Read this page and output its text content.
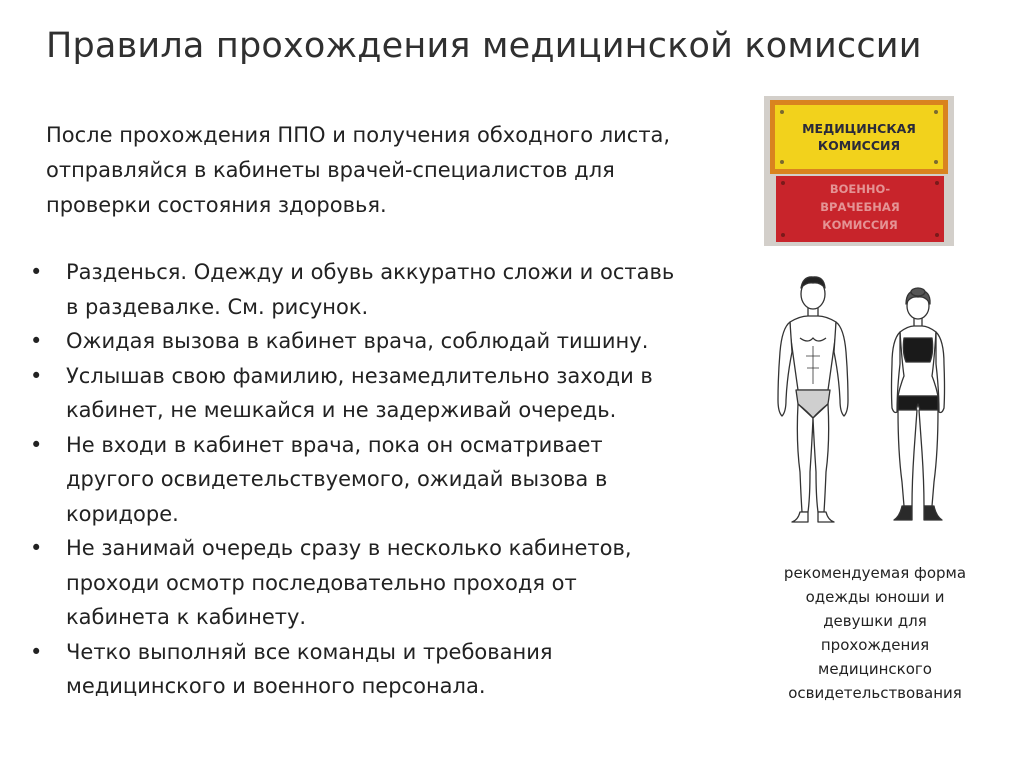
Правила прохождения медицинской комиссии

После прохождения ППО и получения обходного листа,

отправляйся в кабинеты врачей-специалистов для

проверки состояния здоровья.

• Разденься. Одежду и обувь аккуратно сложи и оставь
в раздевалке. См. рисунок.
• Ожидая вызова в кабинет врача, соблюдай тишину.
• Услышав свою фамилию, незамедлительно заходи в
кабинет, не мешкайся и не задерживай очередь.
• Не входи в кабинет врача, пока он осматривает
другого освидетельствуемого, ожидай вызова в
коридоре.
• Не занимай очередь сразу в несколько кабинетов,
проходи осмотр последовательно проходя от
кабинета к кабинету.
• Четко выполняй все команды и требования
медицинского и военного персонала.
МЕДИЦИНСКАЯ
КОМИССИЯ
ВОЕННО-
ВРАЧЕБНАЯ
КОМИССИЯ
рекомендуемая форма
одежды юноши и
девушки для
прохождения
медицинского
освидетельствования
